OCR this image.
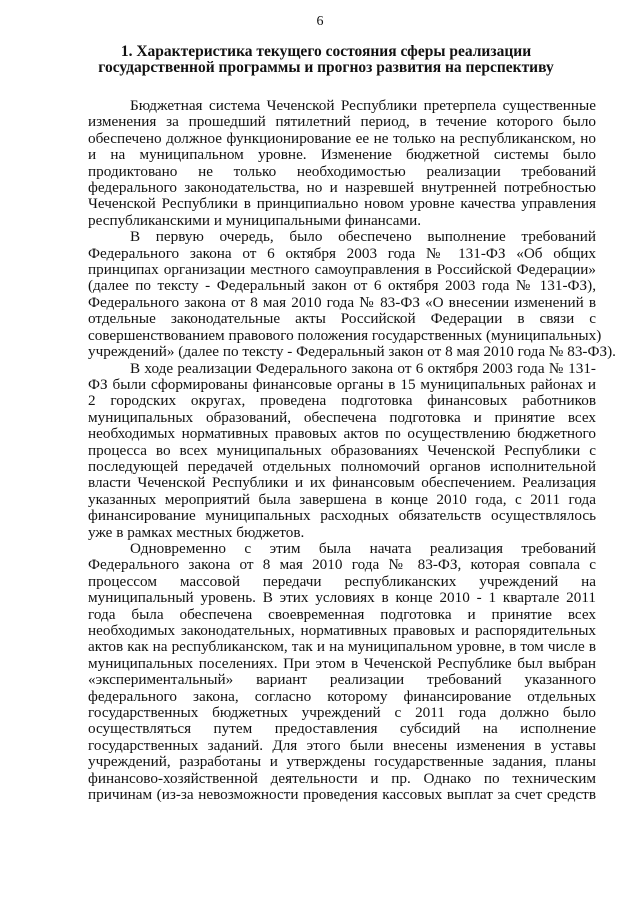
6
1. Характеристика текущего состояния сферы реализации
государственной программы и прогноз развития на перспективу
Бюджетная система Чеченской Республики претерпела существенные
изменения за прошедший пятилетний период, в течение которого было
обеспечено должное функционирование ее не только на республиканском, но
и на муниципальном уровне. Изменение бюджетной системы было
продиктовано не только необходимостью реализации требований
федерального законодательства, но и назревшей внутренней потребностью
Чеченской Республики в принципиально новом уровне качества управления
республиканскими и муниципальными финансами.
В первую очередь, было обеспечено выполнение требований
Федерального закона от 6 октября 2003 года № 131-ФЗ «Об общих
принципах организации местного самоуправления в Российской Федерации»
(далее по тексту - Федеральный закон от 6 октября 2003 года № 131-ФЗ),
Федерального закона от 8 мая 2010 года № 83-ФЗ «О внесении изменений в
отдельные законодательные акты Российской Федерации в связи с
совершенствованием правового положения государственных (муниципальных)
учреждений» (далее по тексту - Федеральный закон от 8 мая 2010 года № 83-ФЗ).
В ходе реализации Федерального закона от 6 октября 2003 года № 131-
ФЗ были сформированы финансовые органы в 15 муниципальных районах и
2 городских округах, проведена подготовка финансовых работников
муниципальных образований, обеспечена подготовка и принятие всех
необходимых нормативных правовых актов по осуществлению бюджетного
процесса во всех муниципальных образованиях Чеченской Республики с
последующей передачей отдельных полномочий органов исполнительной
власти Чеченской Республики и их финансовым обеспечением. Реализация
указанных мероприятий была завершена в конце 2010 года, с 2011 года
финансирование муниципальных расходных обязательств осуществлялось
уже в рамках местных бюджетов.
Одновременно с этим была начата реализация требований
Федерального закона от 8 мая 2010 года № 83-ФЗ, которая совпала с
процессом массовой передачи республиканских учреждений на
муниципальный уровень. В этих условиях в конце 2010 - 1 квартале 2011
года была обеспечена своевременная подготовка и принятие всех
необходимых законодательных, нормативных правовых и распорядительных
актов как на республиканском, так и на муниципальном уровне, в том числе в
муниципальных поселениях. При этом в Чеченской Республике был выбран
«экспериментальный» вариант реализации требований указанного
федерального закона, согласно которому финансирование отдельных
государственных бюджетных учреждений с 2011 года должно было
осуществляться путем предоставления субсидий на исполнение
государственных заданий. Для этого были внесены изменения в уставы
учреждений, разработаны и утверждены государственные задания, планы
финансово-хозяйственной деятельности и пр. Однако по техническим
причинам (из-за невозможности проведения кассовых выплат за счет средств
